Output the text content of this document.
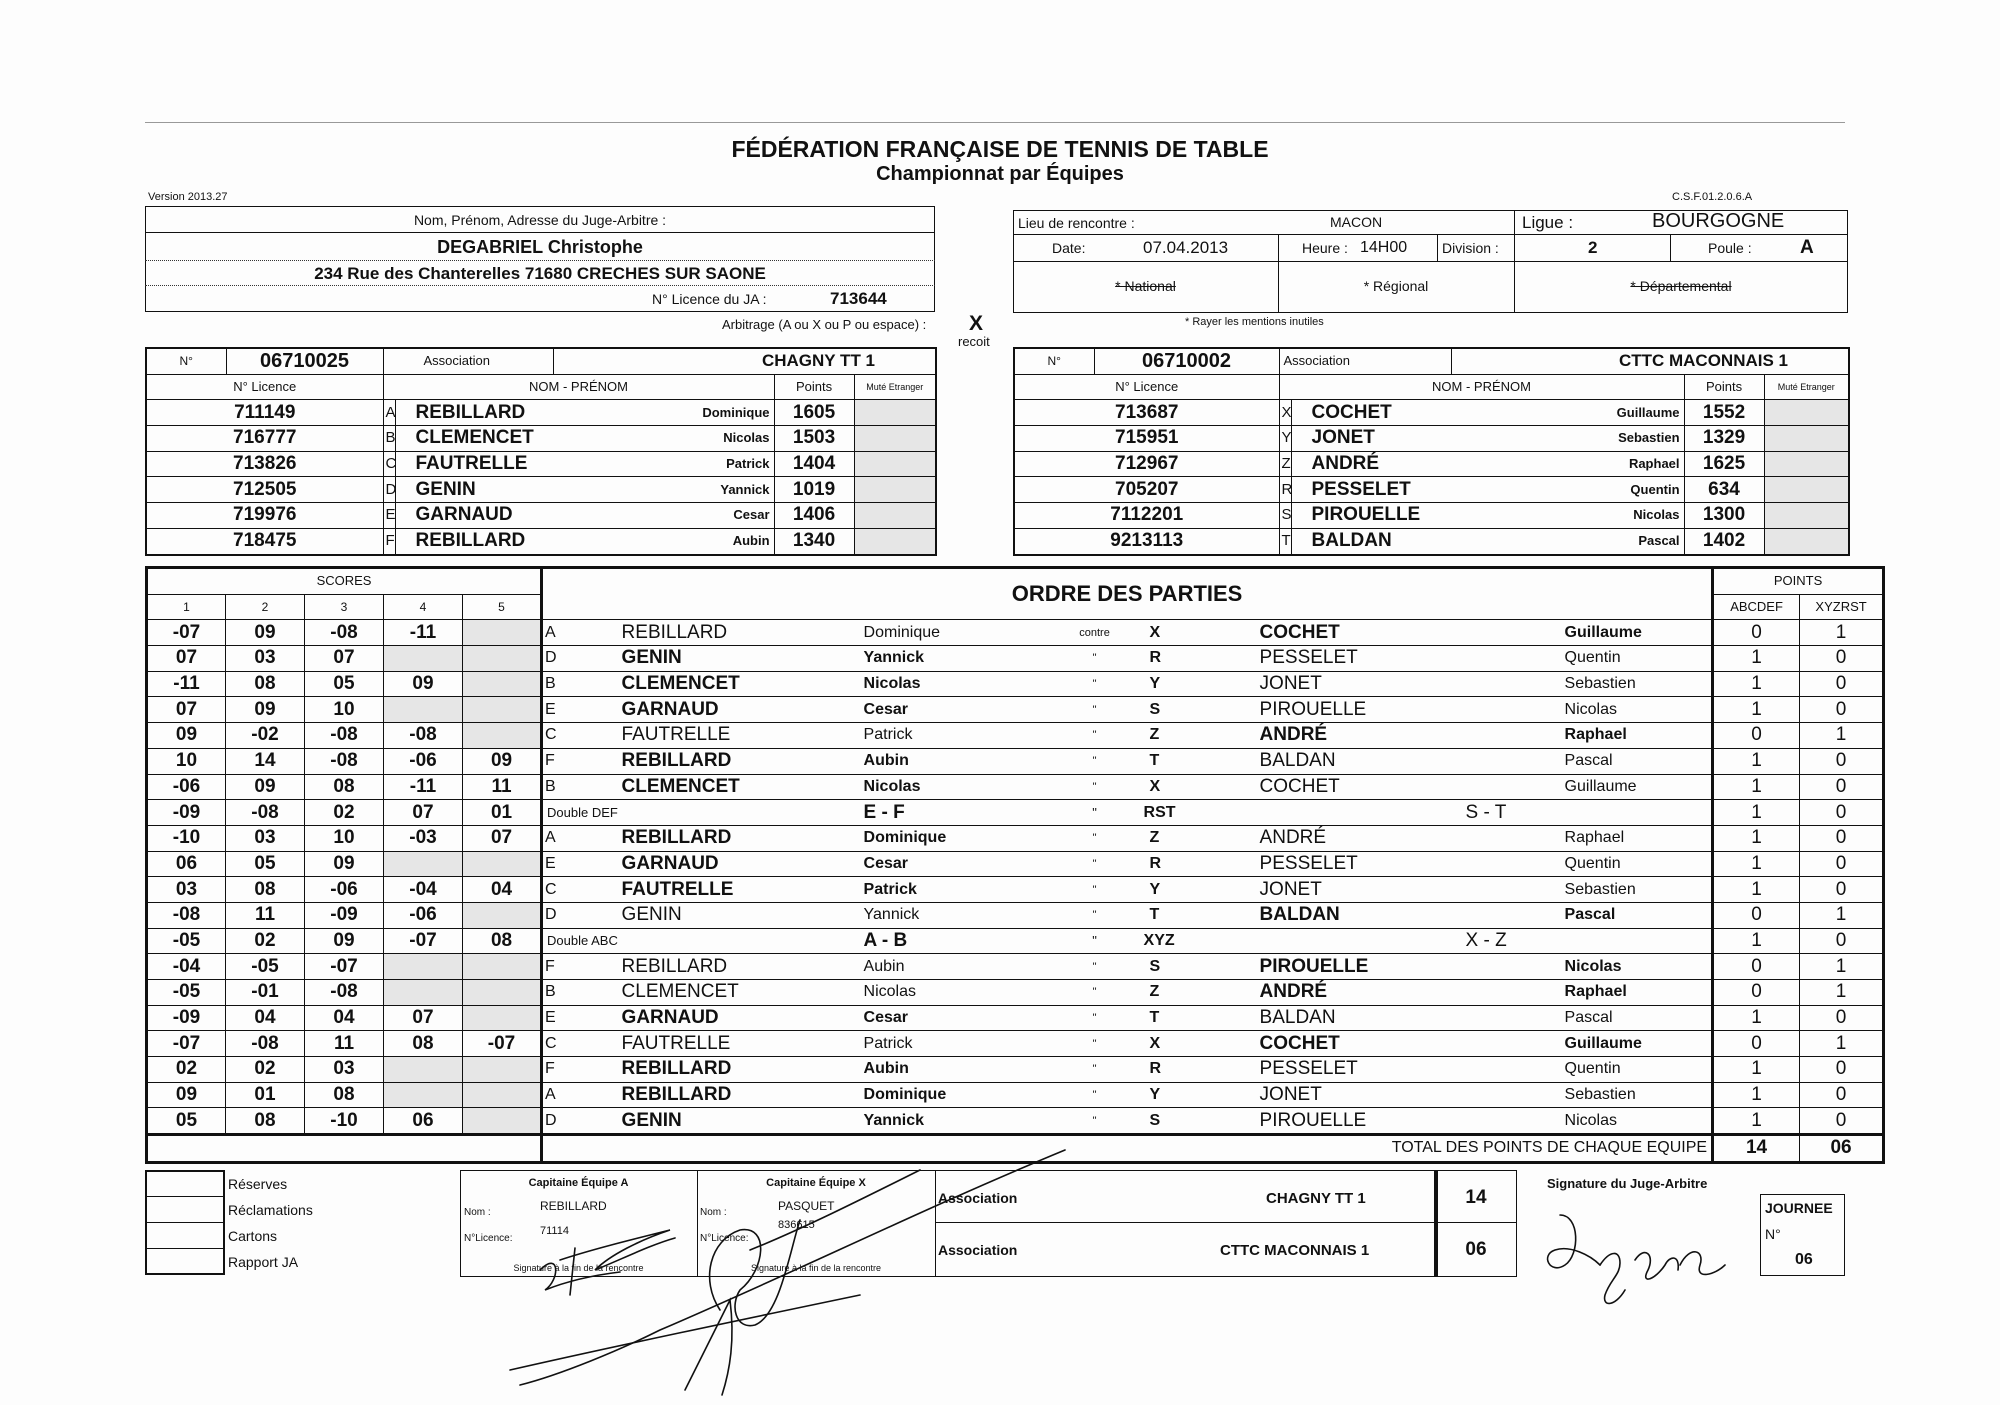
FÉDÉRATION FRANÇAISE DE TENNIS DE TABLE
Championnat par Équipes
Version 2013.27	C.S.F.01.2.0.6.A
Nom, Prénom, Adresse du Juge-Arbitre :
DEGABRIEL Christophe
234 Rue des Chanterelles 71680 CRECHES SUR SAONE
N° Licence du JA :	713644
Arbitrage (A ou X ou P ou espace) : X
recoit
Lieu de rencontre :	MACON	Ligue :	BOURGOGNE
Date:	07.04.2013	Heure : 14H00 Division :	2	Poule :	A
* National	* Régional	* Départemental
* Rayer les mentions inutiles
N°	06710025	Association		CHAGNY TT 1		
N° Licence		NOM - PRÉNOM			Points	Muté Etranger
711149		A	REBILLARD	Dominique	1605	
716777		B	CLEMENCET	Nicolas	1503	
713826		C	FAUTRELLE	Patrick	1404	
712505		D	GENIN	Yannick	1019	
719976		E	GARNAUD	Cesar	1406	
718475		F	REBILLARD	Aubin	1340	
N°	06710002	Association		CTTC MACONNAIS 1		
N° Licence		NOM - PRÉNOM			Points	Muté Etranger
713687		X	COCHET	Guillaume	1552	
715951		Y	JONET	Sebastien	1329	
712967		Z	ANDRÉ	Raphael	1625	
705207		R	PESSELET	Quentin	634	
7112201		S	PIROUELLE	Nicolas	1300	
9213113		T	BALDAN	Pascal	1402	
SCORES					ORDRE DES PARTIES							POINTS	
1	2	3	4	5								ABCDEF	XYZRST
-07	09	-08	-11		A	REBILLARD	Dominique	contre	X	COCHET	Guillaume	0	1
07	03	07			D	GENIN	Yannick	"	R	PESSELET	Quentin	1	0
-11	08	05	09		B	CLEMENCET	Nicolas	"	Y	JONET	Sebastien	1	0
07	09	10			E	GARNAUD	Cesar	"	S	PIROUELLE	Nicolas	1	0
09	-02	-08	-08		C	FAUTRELLE	Patrick	"	Z	ANDRÉ	Raphael	0	1
10	14	-08	-06	09	F	REBILLARD	Aubin	"	T	BALDAN	Pascal	1	0
-06	09	08	-11	11	B	CLEMENCET	Nicolas	"	X	COCHET	Guillaume	1	0
-09	-08	02	07	01	Double DEF		E - F	"	RST	S - T		1	0
-10	03	10	-03	07	A	REBILLARD	Dominique	"	Z	ANDRÉ	Raphael	1	0
06	05	09			E	GARNAUD	Cesar	"	R	PESSELET	Quentin	1	0
03	08	-06	-04	04	C	FAUTRELLE	Patrick	"	Y	JONET	Sebastien	1	0
-08	11	-09	-06		D	GENIN	Yannick	"	T	BALDAN	Pascal	0	1
-05	02	09	-07	08	Double ABC		A - B	"	XYZ	X - Z		1	0
-04	-05	-07			F	REBILLARD	Aubin	"	S	PIROUELLE	Nicolas	0	1
-05	-01	-08			B	CLEMENCET	Nicolas	"	Z	ANDRÉ	Raphael	0	1
-09	04	04	07		E	GARNAUD	Cesar	"	T	BALDAN	Pascal	1	0
-07	-08	11	08	-07	C	FAUTRELLE	Patrick	"	X	COCHET	Guillaume	0	1
02	02	03			F	REBILLARD	Aubin	"	R	PESSELET	Quentin	1	0
09	01	08			A	REBILLARD	Dominique	"	Y	JONET	Sebastien	1	0
05	08	-10	06		D	GENIN	Yannick	"	S	PIROUELLE	Nicolas	1	0
					TOTAL DES POINTS DE CHAQUE EQUIPE							14	06
Réserves
Réclamations
Cartons
Rapport JA
Capitaine Équipe A
Nom :	REBILLARD
N°Licence:
71114
Signature à la fin de la rencontre
Capitaine Équipe X
Nom :	PASQUET
N°Licence:
836615
Signature à la fin de la rencontre
Association	CHAGNY TT 1	14
Association	CTTC MACONNAIS 1	06
Signature du Juge-Arbitre
JOURNEE
N°
06
